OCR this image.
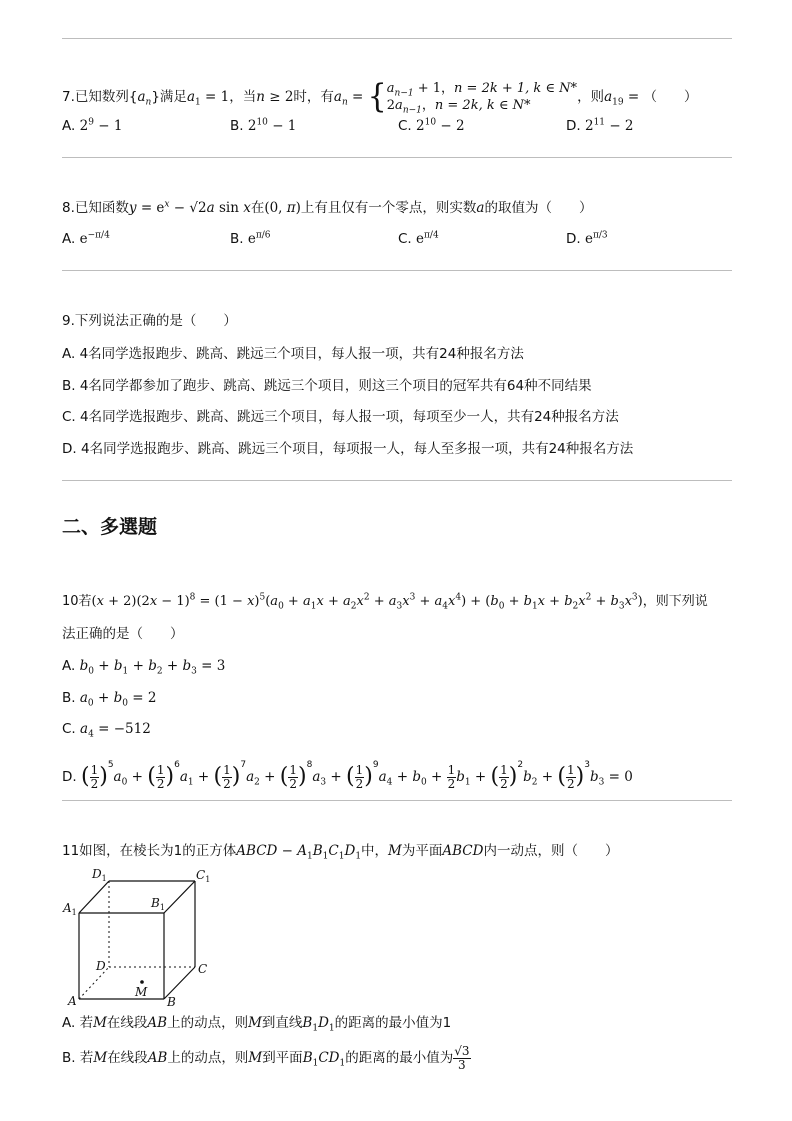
7.已知数列$\{a_n\}$满足$a_1 = 1$，当n ≥ 2时，有$a_n = \{a_{n-1} + 1$，n = 2k + 1, k ∈ N*
$2a_{n-1}$，n = 2k, k ∈ N*，则$a_{19}$ = （　　）
A. $2^9 - 1$	B. $2^{10} - 1$	C. $2^{10} - 2$	D. $2^{11} - 2$
8.已知函数$y = e^x - √2a$ sin x在(0, π)上有且仅有一个零点，则实数a的取值为（　　）
A. $e^{-\pi/4}$	B. $e^{\pi/6}$	C. $e^{\pi/4}$	D. $e^{\pi/3}$
9.下列说法正确的是（　　）
A. 4名同学选报跑步、跳高、跳远三个项目，每人报一项，共有24种报名方法
B. 4名同学都参加了跑步、跳高、跳远三个项目，则这三个项目的冠军共有64种不同结果
C. 4名同学选报跑步、跳高、跳远三个项目，每人报一项，每项至少一人，共有24种报名方法
D. 4名同学选报跑步、跳高、跳远三个项目，每项报一人，每人至多报一项，共有24种报名方法
二、多選题
10若$(x + 2)(2x - 1)^8 = (1 - x)^5(a_0 + a_1x + a_2x^2 + a_3x^3 + a_4x^4) + (b_0 + b_1x + b_2x^2 + b_3x^3)$，则下列说
法正确的是（　　）
A. $b_0 + b_1 + b_2 + b_3 = 3$
B. $a_0 + b_0 = 2$
C. $a_4 = -512$
D. ( $\frac{1}{2} )^5a_0$ + ( $\frac{1}{2} )^6a_1$ + ( $\frac{1}{2} )^7a_2$ + ( $\frac{1}{2} )^8a_3$ + ( $\frac{1}{2} )^9a_4 + b_0 + \frac{1}{2} b_1$ + ( $\frac{1}{2} )^2b_2$ + ( $\frac{1}{2} )^3b_3 = 0$
11如图，在棱长为1的正方体ABCD − $A_1B_1C_1D_1$中，M为平面ABCD内一动点，则（　　）
$D_1$	$C_1$
$A_1$
$B_1$
D	C
M
A	B
A. 若M在线段AB上的动点，则M到直线$B_1D_1$的距离的最小值为1
B. 若M在线段AB上的动点，则M到平面$B_1CD_1$的距离的最小值为 $\frac{√3}{3}$
